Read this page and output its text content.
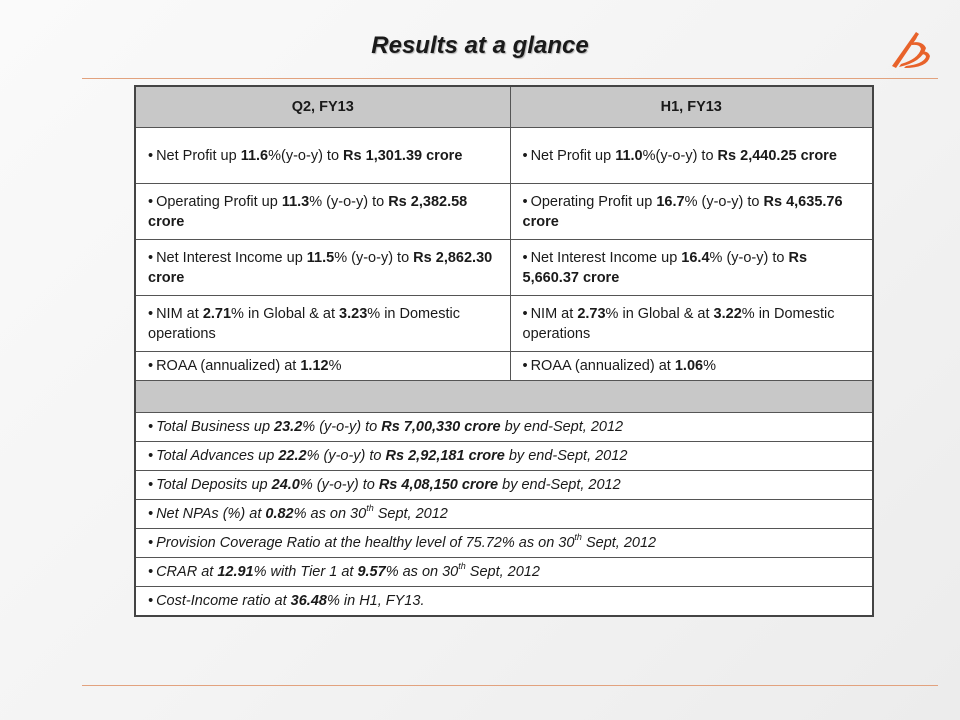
Results at a glance
Q2, FY13	H1, FY13
• Net Profit up 11.6%(y-o-y) to Rs 1,301.39 crore	•Net Profit up 11.0%(y-o-y) to Rs 2,440.25 crore
• Operating Profit up 11.3% (y-o-y) to Rs 2,382.58 crore	• Operating Profit up 16.7% (y-o-y) to Rs 4,635.76 crore
• Net Interest Income up 11.5% (y-o-y) to Rs 2,862.30 crore	• Net Interest Income up 16.4% (y-o-y) to Rs 5,660.37 crore
• NIM at 2.71% in Global & at 3.23% in Domestic operations	• NIM at 2.73% in Global & at 3.22% in Domestic operations
• ROAA (annualized) at 1.12%	•ROAA (annualized) at 1.06%

• Total Business up 23.2% (y-o-y) to Rs 7,00,330 crore by end-Sept, 2012
• Total Advances up 22.2% (y-o-y) to Rs 2,92,181 crore by end-Sept, 2012
• Total Deposits up 24.0% (y-o-y) to Rs 4,08,150 crore by end-Sept, 2012
• Net NPAs (%) at 0.82% as on 30th Sept, 2012
• Provision Coverage Ratio at the healthy level of 75.72% as on 30th Sept, 2012
• CRAR at 12.91% with Tier 1 at 9.57% as on 30th Sept, 2012
• Cost-Income ratio at 36.48% in H1, FY13.
